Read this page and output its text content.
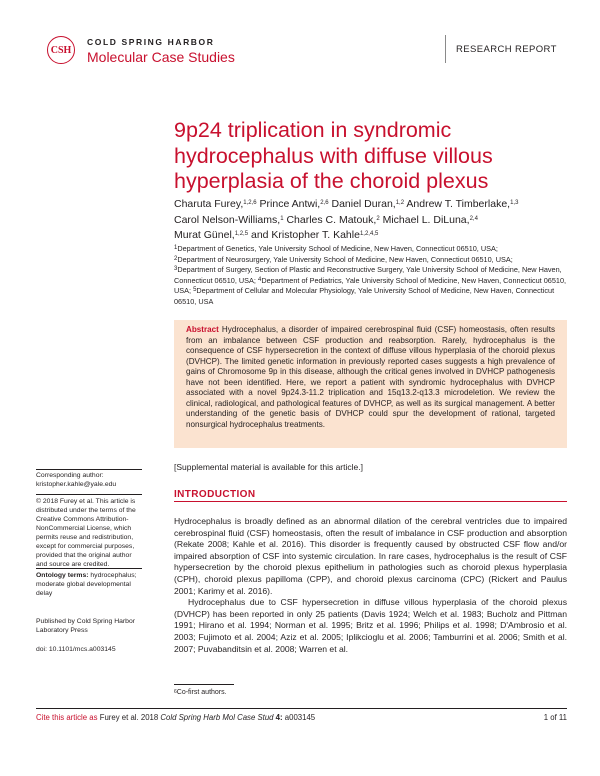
CSH
COLD SPRING HARBOR
Molecular Case Studies	RESEARCH REPORT
9p24 triplication in syndromic hydrocephalus with diffuse villous hyperplasia of the choroid plexus
Charuta Furey,$^{1,2,6}$ Prince Antwi,$^{2,6}$ Daniel Duran,$^{1,2}$ Andrew T. Timberlake,$^{1,3}$
Carol Nelson-Williams,$^1$ Charles C. Matouk,$^2$ Michael L. DiLuna,$^{2,4}$
Murat Günel,$^{1,2,5}$ and Kristopher T. Kahle$^{1,2,4,5}$

$^1$Department of Genetics, Yale University School of Medicine, New Haven, Connecticut 06510, USA;

$^2$Department of Neurosurgery, Yale University School of Medicine, New Haven, Connecticut 06510, USA;

$^3$Department of Surgery, Section of Plastic and Reconstructive Surgery, Yale University School of Medicine, New Haven, Connecticut 06510, USA; $^4$Department of Pediatrics, Yale University School of Medicine, New Haven, Connecticut 06510, USA; $^5$Department of Cellular and Molecular Physiology, Yale University School of Medicine, New Haven, Connecticut 06510, USA

Abstract Hydrocephalus, a disorder of impaired cerebrospinal fluid (CSF) homeostasis, often results from an imbalance between CSF production and reabsorption. Rarely, hydrocephalus is the consequence of CSF hypersecretion in the context of diffuse villous hyperplasia of the choroid plexus (DVHCP). The limited genetic information in previously reported cases suggests a high prevalence of gains of Chromosome 9p in this disease, although the critical genes involved in DVHCP pathogenesis have not been identified. Here, we report a patient with syndromic hydrocephalus with DVHCP associated with a novel 9p24.3-11.2 triplication and 15q13.2-q13.3 microdeletion. We review the clinical, radiological, and pathological features of DVHCP, as well as its surgical management. A better understanding of the genetic basis of DVHCP could spur the development of rational, targeted nonsurgical hydrocephalus treatments.
[Supplemental material is available for this article.]
Corresponding author:
kristopher.kahle@yale.edu
© 2018 Furey et al. This article is distributed under the terms of the Creative Commons Attribution-NonCommercial License, which permits reuse and redistribution, except for commercial purposes, provided that the original author and source are credited.
Ontology terms: hydrocephalus; moderate global developmental delay
Published by Cold Spring Harbor Laboratory Press
doi: 10.1101/mcs.a003145
INTRODUCTION

Hydrocephalus is broadly defined as an abnormal dilation of the cerebral ventricles due to impaired cerebrospinal fluid (CSF) homeostasis, often the result of imbalance in CSF production and absorption (Rekate 2008; Kahle et al. 2016). This disorder is frequently caused by obstructed CSF flow and/or impaired absorption of CSF into systemic circulation. In rare cases, hydrocephalus is the result of CSF hypersecretion by the choroid plexus epithelium in pathologies such as choroid plexus hyperplasia (CPH), choroid plexus papilloma (CPP), and choroid plexus carcinoma (CPC) (Rickert and Paulus 2001; Karimy et al. 2016).

Hydrocephalus due to CSF hypersecretion in diffuse villous hyperplasia of the choroid plexus (DVHCP) has been reported in only 25 patients (Davis 1924; Welch et al. 1983; Bucholz and Pittman 1991; Hirano et al. 1994; Norman et al. 1995; Britz et al. 1996; Philips et al. 1998; D'Ambrosio et al. 2003; Fujimoto et al. 2004; Aziz et al. 2005; Iplikcioglu et al. 2006; Tamburrini et al. 2006; Smith et al. 2007; Puvabanditsin et al. 2008; Warren et al.

$^6$Co-first authors.
Cite this article as Furey et al. 2018 Cold Spring Harb Mol Case Stud 4: a003145	1 of 11
